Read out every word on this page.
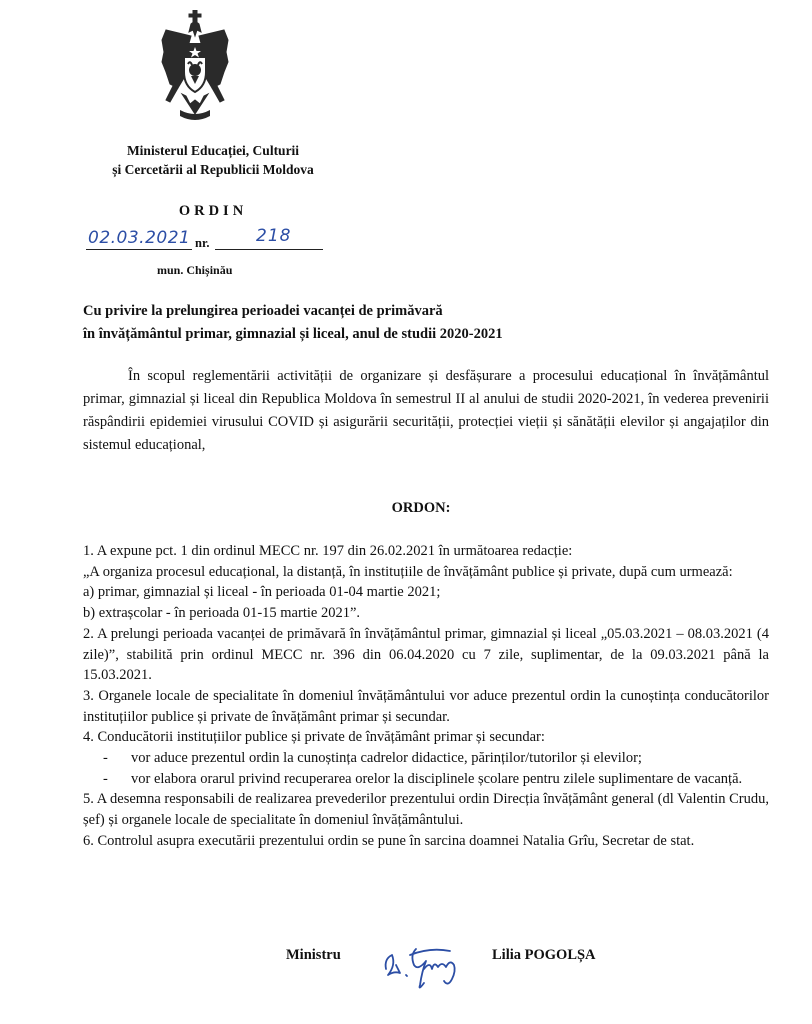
Ministerul Educației, Culturii
și Cercetării al Republicii Moldova
ORDIN
02.03.2021 nr.	218
mun. Chișinău
Cu privire la prelungirea perioadei vacanței de primăvară
în învățământul primar, gimnazial și liceal, anul de studii 2020-2021
În scopul reglementării activității de organizare și desfășurare a procesului educațional în învățământul primar, gimnazial și liceal din Republica Moldova în semestrul II al anului de studii 2020-2021, în vederea prevenirii răspândirii epidemiei virusului COVID și asigurării securității, protecției vieții și sănătății elevilor și angajaților din sistemul educațional,
ORDON:

1. A expune pct. 1 din ordinul MECC nr. 197 din 26.02.2021 în următoarea redacție:

„A organiza procesul educațional, la distanță, în instituțiile de învățământ publice și private, după cum urmează:

a) primar, gimnazial și liceal - în perioada 01-04 martie 2021;

b) extrașcolar - în perioada 01-15 martie 2021”.

2. A prelungi perioada vacanței de primăvară în învățământul primar, gimnazial și liceal „05.03.2021 – 08.03.2021 (4 zile)”, stabilită prin ordinul MECC nr. 396 din 06.04.2020 cu 7 zile, suplimentar, de la 09.03.2021 până la 15.03.2021.

3. Organele locale de specialitate în domeniul învățământului vor aduce prezentul ordin la cunoștința conducătorilor instituțiilor publice și private de învățământ primar și secundar.

4. Conducătorii instituțiilor publice și private de învățământ primar și secundar:

-	vor aduce prezentul ordin la cunoștința cadrelor didactice, părinților/tutorilor și elevilor;
-	vor elabora orarul privind recuperarea orelor la disciplinele școlare pentru zilele suplimentare de vacanță.

5. A desemna responsabili de realizarea prevederilor prezentului ordin Direcția învățământ general (dl Valentin Crudu, șef) și organele locale de specialitate în domeniul învățământului.

6. Controlul asupra executării prezentului ordin se pune în sarcina doamnei Natalia Grîu, Secretar de stat.

Ministru	Lilia POGOLȘA
